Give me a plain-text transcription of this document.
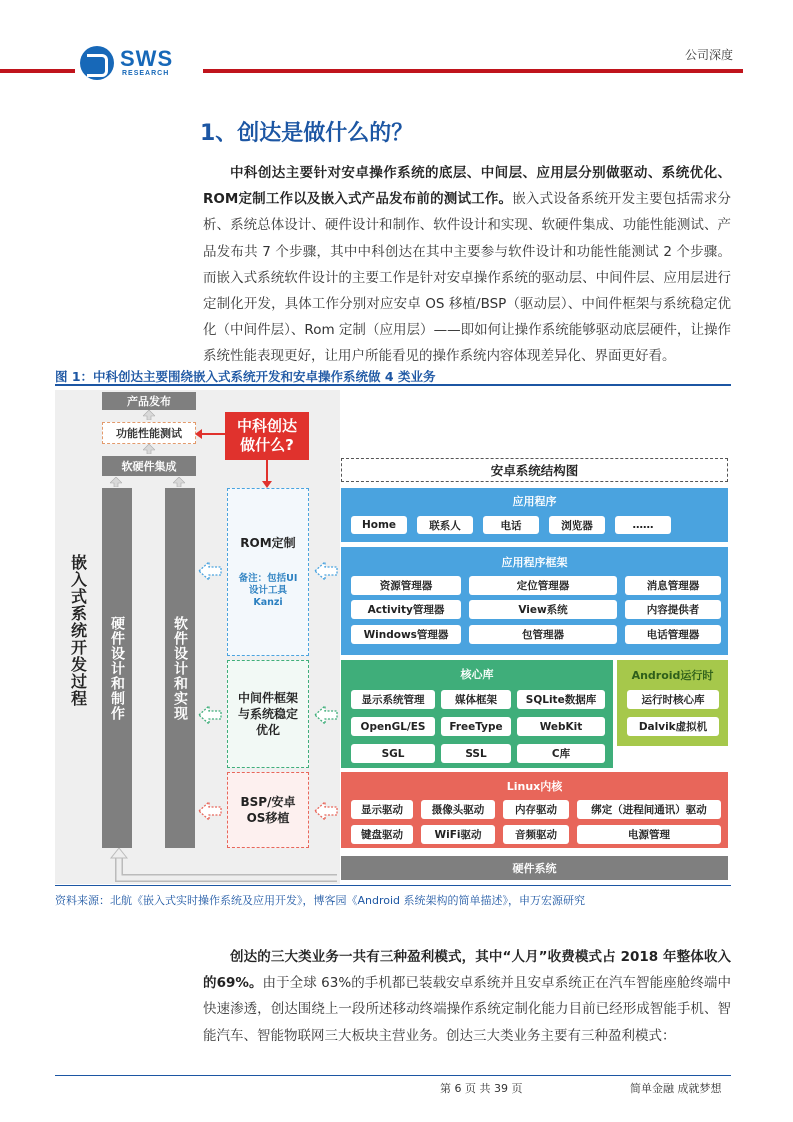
SWS
RESEARCH
公司深度
1、创达是做什么的？
中科创达主要针对安卓操作系统的底层、中间层、应用层分别做驱动、系统优化、ROM定制工作以及嵌入式产品发布前的测试工作。嵌入式设备系统开发主要包括需求分析、系统总体设计、硬件设计和制作、软件设计和实现、软硬件集成、功能性能测试、产品发布共 7 个步骤，其中中科创达在其中主要参与软件设计和功能性能测试 2 个步骤。而嵌入式系统软件设计的主要工作是针对安卓操作系统的驱动层、中间件层、应用层进行定制化开发，具体工作分别对应安卓 OS 移植/BSP（驱动层）、中间件框架与系统稳定优化（中间件层）、Rom 定制（应用层）——即如何让操作系统能够驱动底层硬件，让操作系统性能表现更好，让用户所能看见的操作系统内容体现差异化、界面更好看。
图 1：中科创达主要围绕嵌入式系统开发和安卓操作系统做 4 类业务
嵌入式系统开发过程
产品发布
功能性能测试
软硬件集成
硬件设计和制作	软件设计和实现
中科创达做什么?
ROM定制
备注：包括UI设计工具Kanzi
中间件框架与系统稳定优化
BSP/安卓OS移植
安卓系统结构图
应用程序
Home	联系人	电话	浏览器	……
应用程序框架
资源管理器	定位管理器	消息管理器
Activity管理器	View系统	内容提供者
Windows管理器	包管理器	电话管理器
核心库
显示系统管理	媒体框架	SQLite数据库
OpenGL/ES	FreeType	WebKit
SGL	SSL	C库
Android运行时
运行时核心库
Dalvik虚拟机
Linux内核
显示驱动	摄像头驱动	内存驱动	绑定（进程间通讯）驱动
键盘驱动	WiFi驱动	音频驱动	电源管理
硬件系统
资料来源：北航《嵌入式实时操作系统及应用开发》，博客园《Android 系统架构的简单描述》，申万宏源研究
创达的三大类业务一共有三种盈利模式，其中“人月”收费模式占 2018 年整体收入的69%。由于全球 63%的手机都已装载安卓系统并且安卓系统正在汽车智能座舱终端中快速渗透，创达围绕上一段所述移动终端操作系统定制化能力目前已经形成智能手机、智能汽车、智能物联网三大板块主营业务。创达三大类业务主要有三种盈利模式：
第 6 页 共 39 页	简单金融 成就梦想
